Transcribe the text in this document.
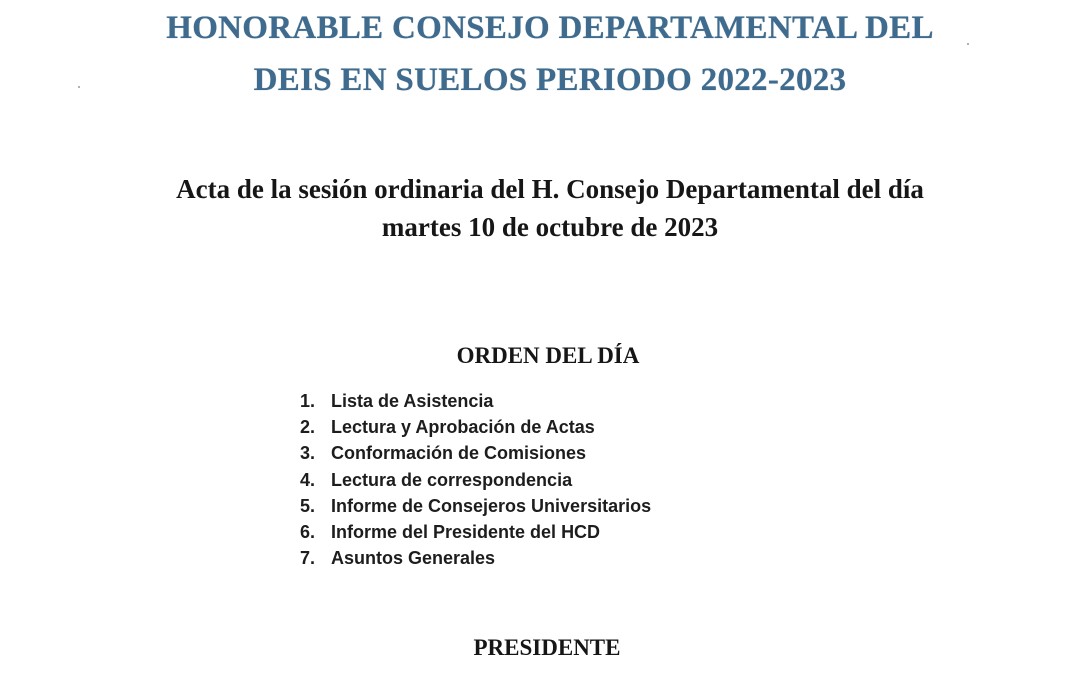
HONORABLE CONSEJO DEPARTAMENTAL DEL
DEIS EN SUELOS PERIODO 2022-2023
Acta de la sesión ordinaria del H. Consejo Departamental del día
martes 10 de octubre de 2023
ORDEN DEL DÍA
1. Lista de Asistencia
2. Lectura y Aprobación de Actas
3. Conformación de Comisiones
4. Lectura de correspondencia
5. Informe de Consejeros Universitarios
6. Informe del Presidente del HCD
7. Asuntos Generales
PRESIDENTE
